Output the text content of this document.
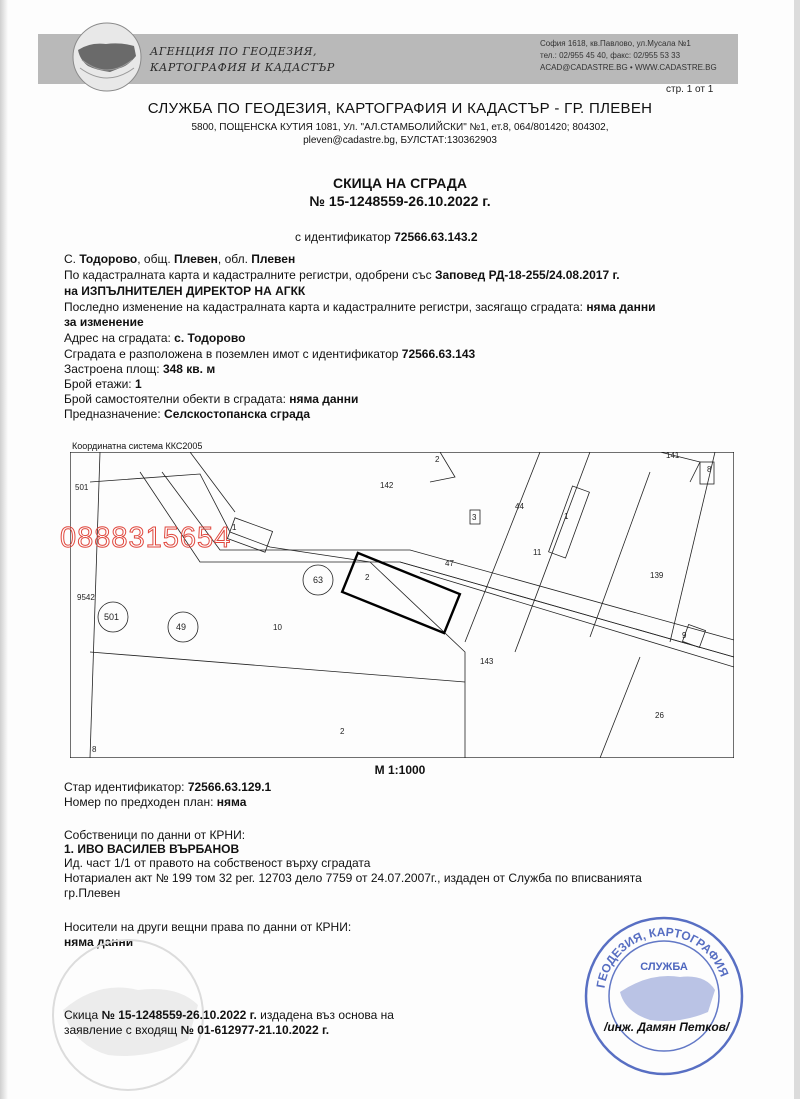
АГЕНЦИЯ ПО ГЕОДЕЗИЯ,
КАРТОГРАФИЯ И КАДАСТЪР
София 1618, кв.Павлово, ул.Мусала №1
тел.: 02/955 45 40, факс: 02/955 53 33
ACAD@CADASTRE.BG • WWW.CADASTRE.BG
стр. 1 от 1
СЛУЖБА ПО ГЕОДЕЗИЯ, КАРТОГРАФИЯ И КАДАСТЪР - ГР. ПЛЕВЕН
5800, ПОЩЕНСКА КУТИЯ 1081, Ул. "АЛ.СТАМБОЛИЙСКИ" №1, ет.8, 064/801420; 804302,
pleven@cadastre.bg, БУЛСТАТ:130362903
СКИЦА НА СГРАДА
№ 15-1248559-26.10.2022 г.
с идентификатор 72566.63.143.2
С. Тодорово, общ. Плевен, обл. Плевен
По кадастралната карта и кадастралните регистри, одобрени със Заповед РД-18-255/24.08.2017 г.
на ИЗПЪЛНИТЕЛЕН ДИРЕКТОР НА АГКК
Последно изменение на кадастралната карта и кадастралните регистри, засягащо сградата: няма данни
за изменение
Адрес на сградата: с. Тодорово
Сградата е разположена в поземлен имот с идентификатор 72566.63.143
Застроена площ: 348 кв. м
Брой етажи: 1
Брой самостоятелни обекти в сградата: няма данни
Предназначение: Селскостопанска сграда
Координатна система ККС2005
2	141
8
501	142
44
1
3	1
11
47
63	2	139
9542
501
49	10
9
143
26
2
8
0888315654
М 1:1000
Стар идентификатор: 72566.63.129.1
Номер по предходен план: няма
Собственици по данни от КРНИ:
1. ИВО ВАСИЛЕВ ВЪРБАНОВ
Ид. част 1/1 от правото на собственост върху сградата
Нотариален акт № 199 том 32 рег. 12703 дело 7759 от 24.07.2007г., издаден от Служба по вписванията
гр.Плевен
Носители на други вещни права по данни от КРНИ:
няма данни
Скица № 15-1248559-26.10.2022 г. издадена въз основа на
заявление с входящ № 01-612977-21.10.2022 г.
ГЕОДЕЗИЯ, КАРТОГРАФИЯ
СЛУЖБА
/инж. Дамян Петков/
